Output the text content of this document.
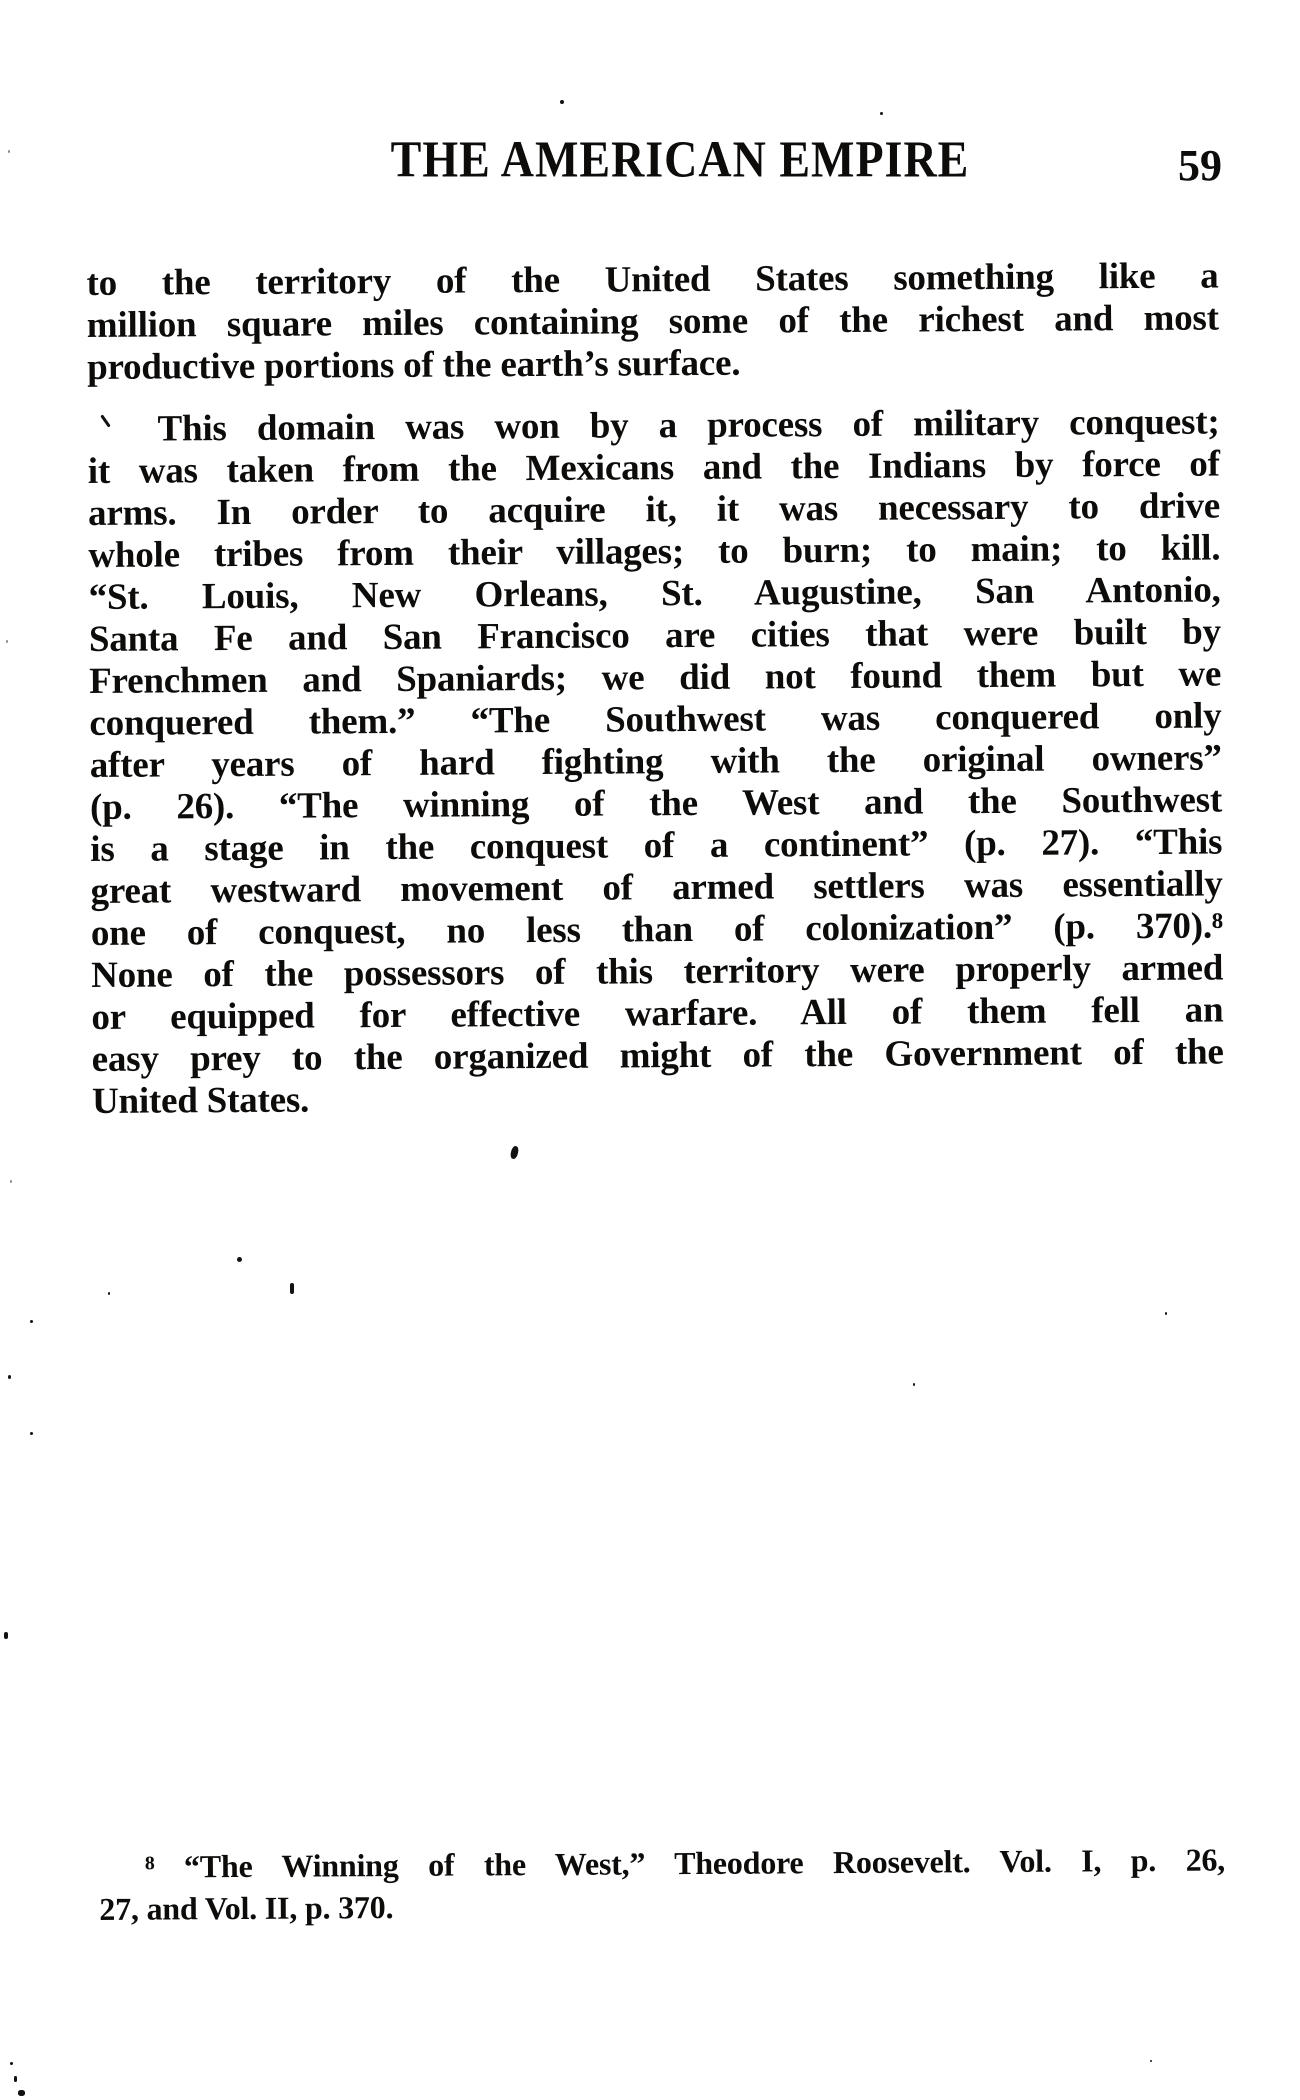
THE AMERICAN EMPIRE	59
to the territory of the United States something like a
million square miles containing some of the richest and most
productive portions of the earth’s surface.
This domain was won by a process of military conquest;
it was taken from the Mexicans and the Indians by force of
arms. In order to acquire it, it was necessary to drive
whole tribes from their villages; to burn; to main; to kill.
“St. Louis, New Orleans, St. Augustine, San Antonio,
Santa Fe and San Francisco are cities that were built by
Frenchmen and Spaniards; we did not found them but we
conquered them.” “The Southwest was conquered only
after years of hard fighting with the original owners”
(p. 26). “The winning of the West and the Southwest
is a stage in the conquest of a continent” (p. 27). “This
great westward movement of armed settlers was essentially
one of conquest, no less than of colonization” (p. 370).⁸
None of the possessors of this territory were properly armed
or equipped for effective warfare. All of them fell an
easy prey to the organized might of the Government of the
United States.
⁸ “The Winning of the West,” Theodore Roosevelt. Vol. I, p. 26,
27, and Vol. II, p. 370.
